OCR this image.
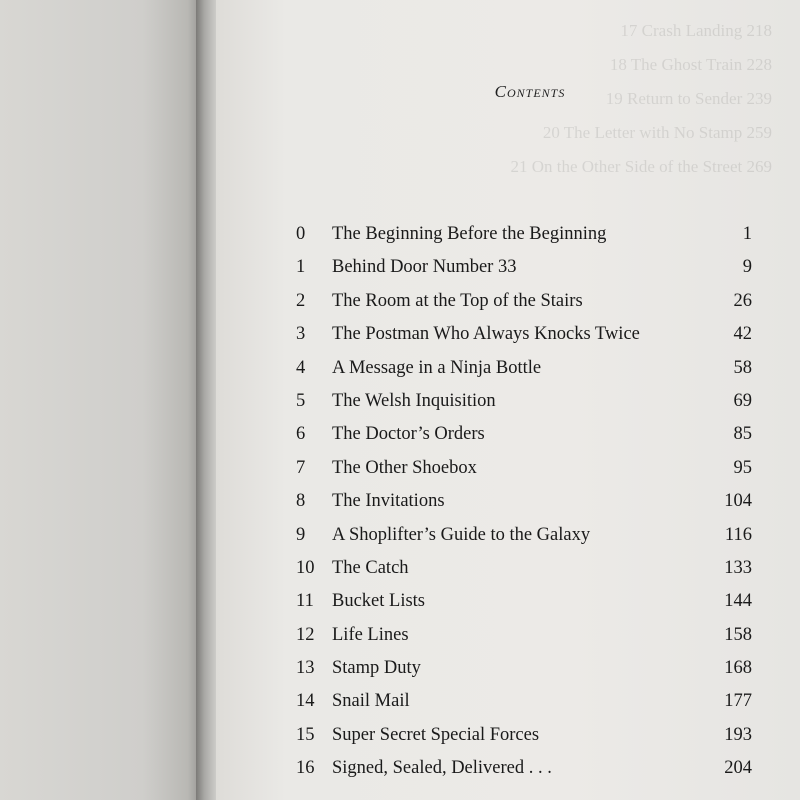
17 Crash Landing 218
18 The Ghost Train 228
19 Return to Sender 239
20 The Letter with No Stamp 259
21 On the Other Side of the Street 269
Contents
0 The Beginning Before the Beginning	1
1 Behind Door Number 33	9
2 The Room at the Top of the Stairs	26
3 The Postman Who Always Knocks Twice	42
4 A Message in a Ninja Bottle	58
5 The Welsh Inquisition	69
6 The Doctor’s Orders	85
7 The Other Shoebox	95
8 The Invitations	104
9 A Shoplifter’s Guide to the Galaxy	116
10 The Catch	133
11 Bucket Lists	144
12 Life Lines	158
13 Stamp Duty	168
14 Snail Mail	177
15 Super Secret Special Forces	193
16 Signed, Sealed, Delivered . . .	204
